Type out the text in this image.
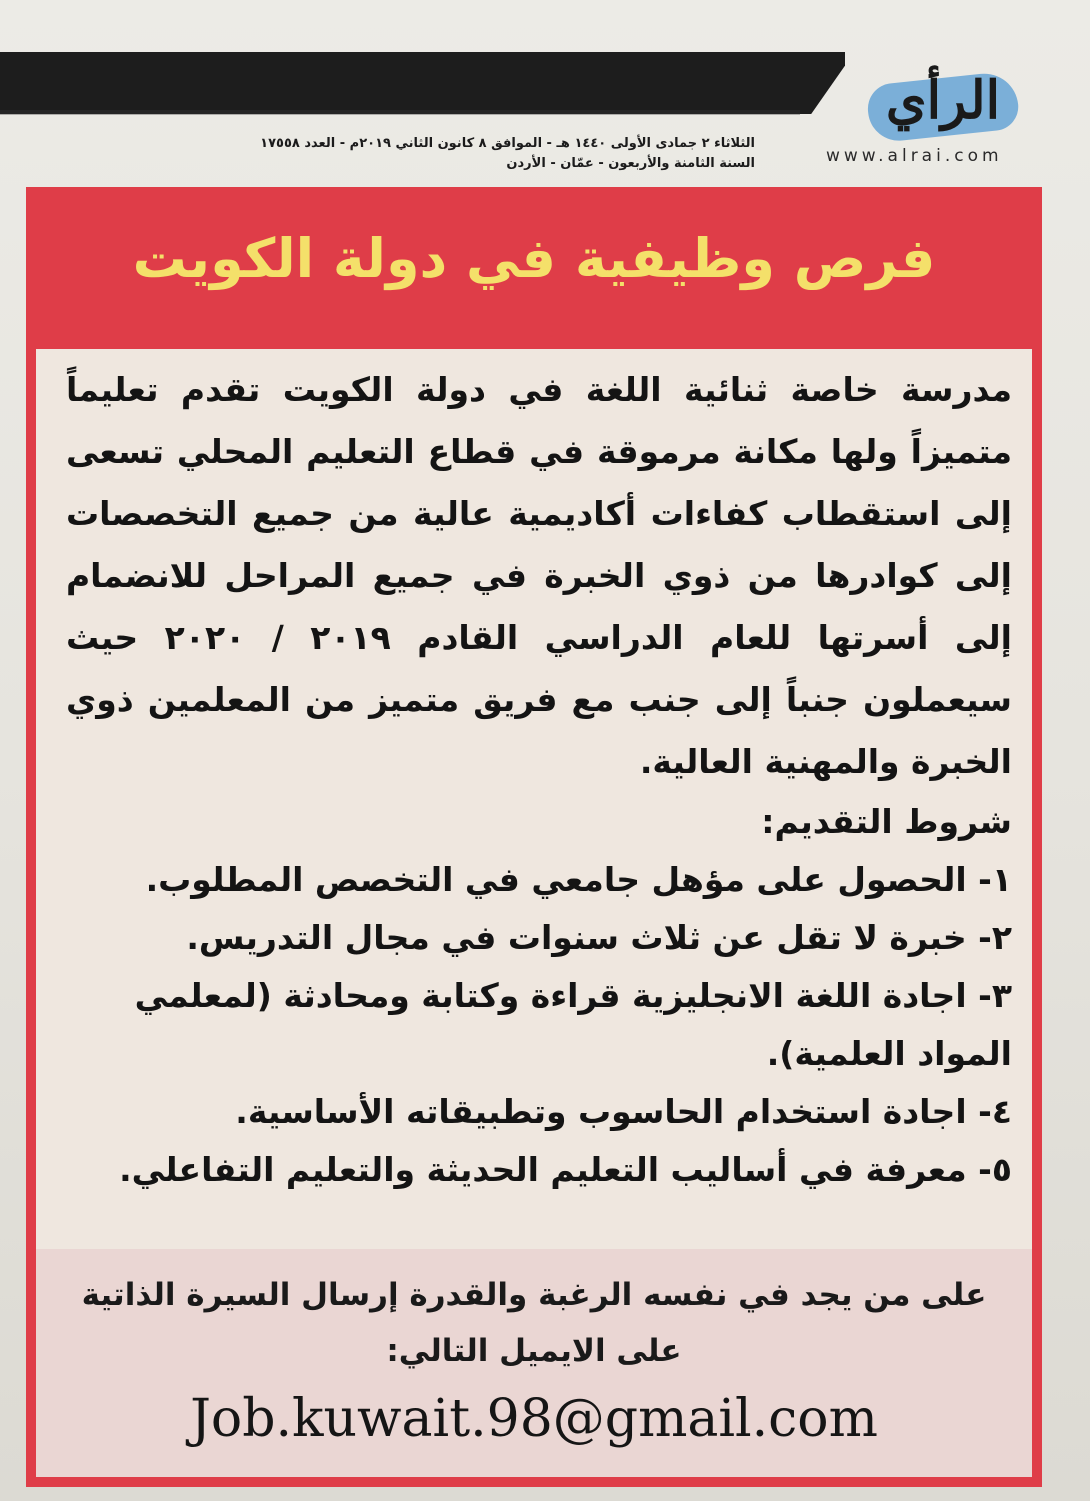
الرأي
www.alrai.com
الثلاثاء ٢ جمادى الأولى ١٤٤٠ هـ - الموافق ٨ كانون الثاني ٢٠١٩م - العدد ١٧٥٥٨
السنة الثامنة والأربعون - عمّان - الأردن
فرص وظيفية في دولة الكويت
مدرسة خاصة ثنائية اللغة في دولة الكويت تقدم تعليماً متميزاً ولها مكانة مرموقة في قطاع التعليم المحلي تسعى إلى استقطاب كفاءات أكاديمية عالية من جميع التخصصات إلى كوادرها من ذوي الخبرة في جميع المراحل للانضمام إلى أسرتها للعام الدراسي القادم ٢٠١٩ / ٢٠٢٠ حيث سيعملون جنباً إلى جنب مع فريق متميز من المعلمين ذوي الخبرة والمهنية العالية.
شروط التقديم:
١- الحصول على مؤهل جامعي في التخصص المطلوب.
٢- خبرة لا تقل عن ثلاث سنوات في مجال التدريس.
٣- اجادة اللغة الانجليزية قراءة وكتابة ومحادثة (لمعلمي المواد العلمية).
٤- اجادة استخدام الحاسوب وتطبيقاته الأساسية.
٥- معرفة في أساليب التعليم الحديثة والتعليم التفاعلي.
على من يجد في نفسه الرغبة والقدرة إرسال السيرة الذاتية على الايميل التالي:
Job.kuwait.98@gmail.com
